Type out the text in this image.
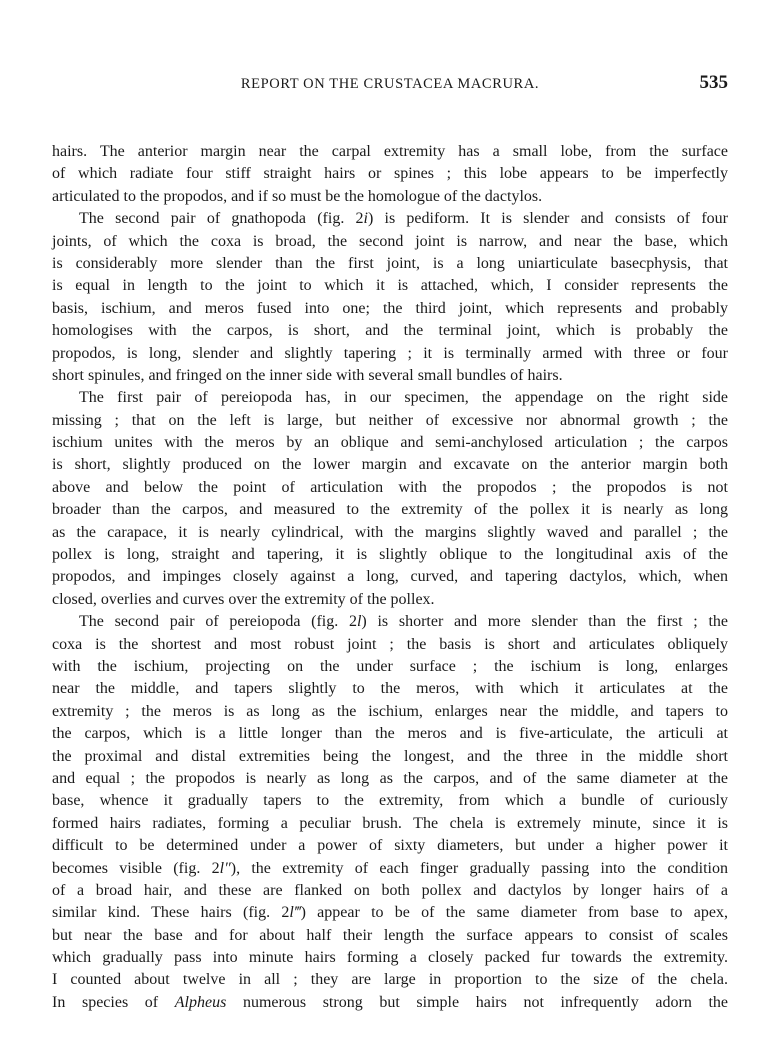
REPORT ON THE CRUSTACEA MACRURA.	535
hairs. The anterior margin near the carpal extremity has a small lobe, from the surface
of which radiate four stiff straight hairs or spines ; this lobe appears to be imperfectly
articulated to the propodos, and if so must be the homologue of the dactylos.
The second pair of gnathopoda (fig. 2i) is pediform. It is slender and consists of four
joints, of which the coxa is broad, the second joint is narrow, and near the base, which
is considerably more slender than the first joint, is a long uniarticulate basecphysis, that
is equal in length to the joint to which it is attached, which, I consider represents the
basis, ischium, and meros fused into one; the third joint, which represents and probably
homologises with the carpos, is short, and the terminal joint, which is probably the
propodos, is long, slender and slightly tapering ; it is terminally armed with three or four
short spinules, and fringed on the inner side with several small bundles of hairs.
The first pair of pereiopoda has, in our specimen, the appendage on the right side
missing ; that on the left is large, but neither of excessive nor abnormal growth ; the
ischium unites with the meros by an oblique and semi-anchylosed articulation ; the carpos
is short, slightly produced on the lower margin and excavate on the anterior margin both
above and below the point of articulation with the propodos ; the propodos is not
broader than the carpos, and measured to the extremity of the pollex it is nearly as long
as the carapace, it is nearly cylindrical, with the margins slightly waved and parallel ; the
pollex is long, straight and tapering, it is slightly oblique to the longitudinal axis of the
propodos, and impinges closely against a long, curved, and tapering dactylos, which, when
closed, overlies and curves over the extremity of the pollex.
The second pair of pereiopoda (fig. 2l) is shorter and more slender than the first ; the
coxa is the shortest and most robust joint ; the basis is short and articulates obliquely
with the ischium, projecting on the under surface ; the ischium is long, enlarges
near the middle, and tapers slightly to the meros, with which it articulates at the
extremity ; the meros is as long as the ischium, enlarges near the middle, and tapers to
the carpos, which is a little longer than the meros and is five-articulate, the articuli at
the proximal and distal extremities being the longest, and the three in the middle short
and equal ; the propodos is nearly as long as the carpos, and of the same diameter at the
base, whence it gradually tapers to the extremity, from which a bundle of curiously
formed hairs radiates, forming a peculiar brush. The chela is extremely minute, since it is
difficult to be determined under a power of sixty diameters, but under a higher power it
becomes visible (fig. 2l″), the extremity of each finger gradually passing into the condition
of a broad hair, and these are flanked on both pollex and dactylos by longer hairs of a
similar kind. These hairs (fig. 2l‴) appear to be of the same diameter from base to apex,
but near the base and for about half their length the surface appears to consist of scales
which gradually pass into minute hairs forming a closely packed fur towards the extremity.
I counted about twelve in all ; they are large in proportion to the size of the chela.
In species of Alpheus numerous strong but simple hairs not infrequently adorn the
